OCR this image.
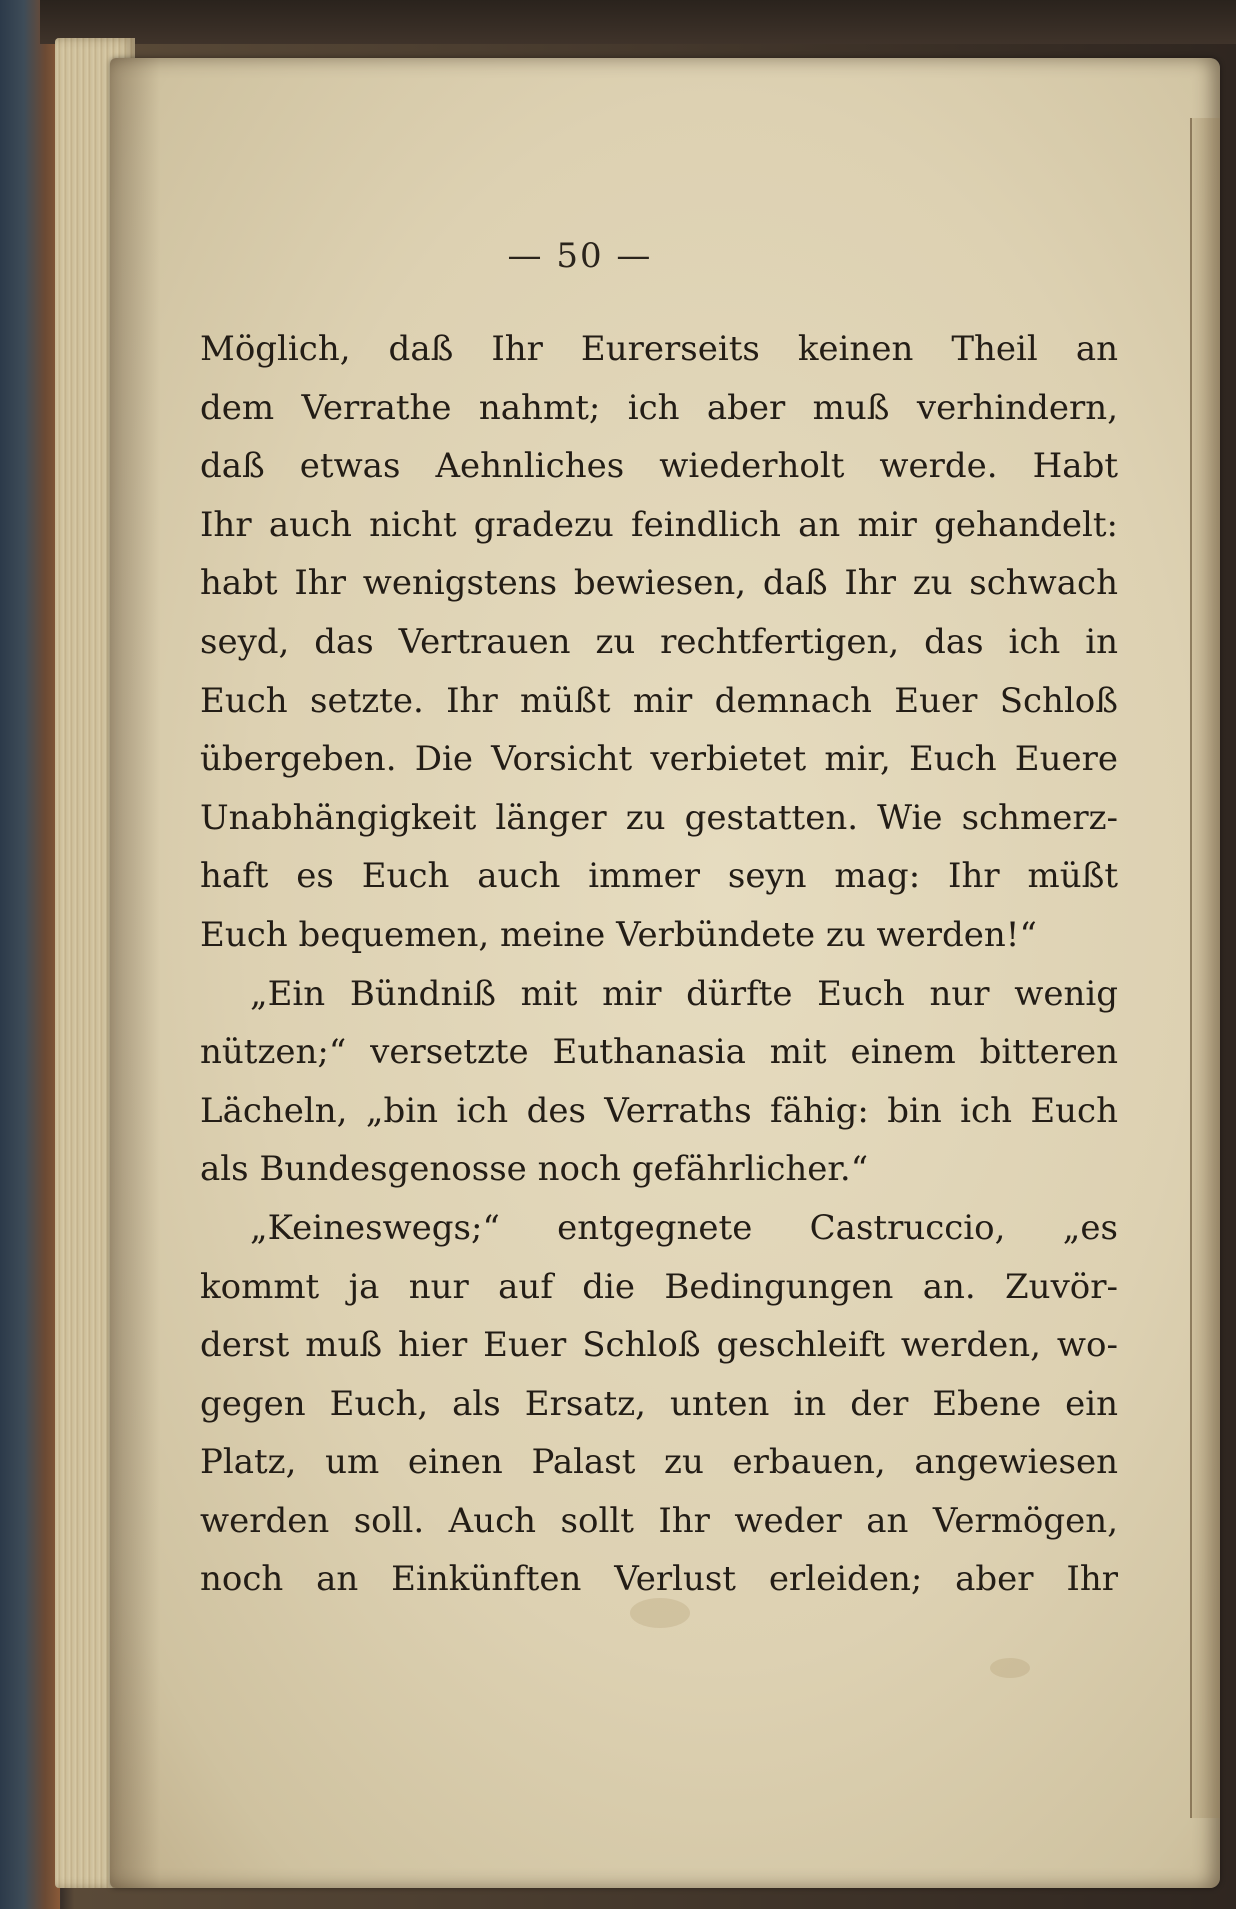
— 50 —
Möglich, daß Ihr Eurerseits keinen Theil an
dem Verrathe nahmt; ich aber muß verhindern,
daß etwas Aehnliches wiederholt werde. Habt
Ihr auch nicht gradezu feindlich an mir gehandelt:
habt Ihr wenigstens bewiesen, daß Ihr zu schwach
seyd, das Vertrauen zu rechtfertigen, das ich in
Euch setzte. Ihr müßt mir demnach Euer Schloß
übergeben. Die Vorsicht verbietet mir, Euch Euere
Unabhängigkeit länger zu gestatten. Wie schmerz-
haft es Euch auch immer seyn mag: Ihr müßt
Euch bequemen, meine Verbündete zu werden!“
„Ein Bündniß mit mir dürfte Euch nur wenig
nützen;“ versetzte Euthanasia mit einem bitteren
Lächeln, „bin ich des Verraths fähig: bin ich Euch
als Bundesgenosse noch gefährlicher.“
„Keineswegs;“ entgegnete Castruccio, „es
kommt ja nur auf die Bedingungen an. Zuvör-
derst muß hier Euer Schloß geschleift werden, wo-
gegen Euch, als Ersatz, unten in der Ebene ein
Platz, um einen Palast zu erbauen, angewiesen
werden soll. Auch sollt Ihr weder an Vermögen,
noch an Einkünften Verlust erleiden; aber Ihr
